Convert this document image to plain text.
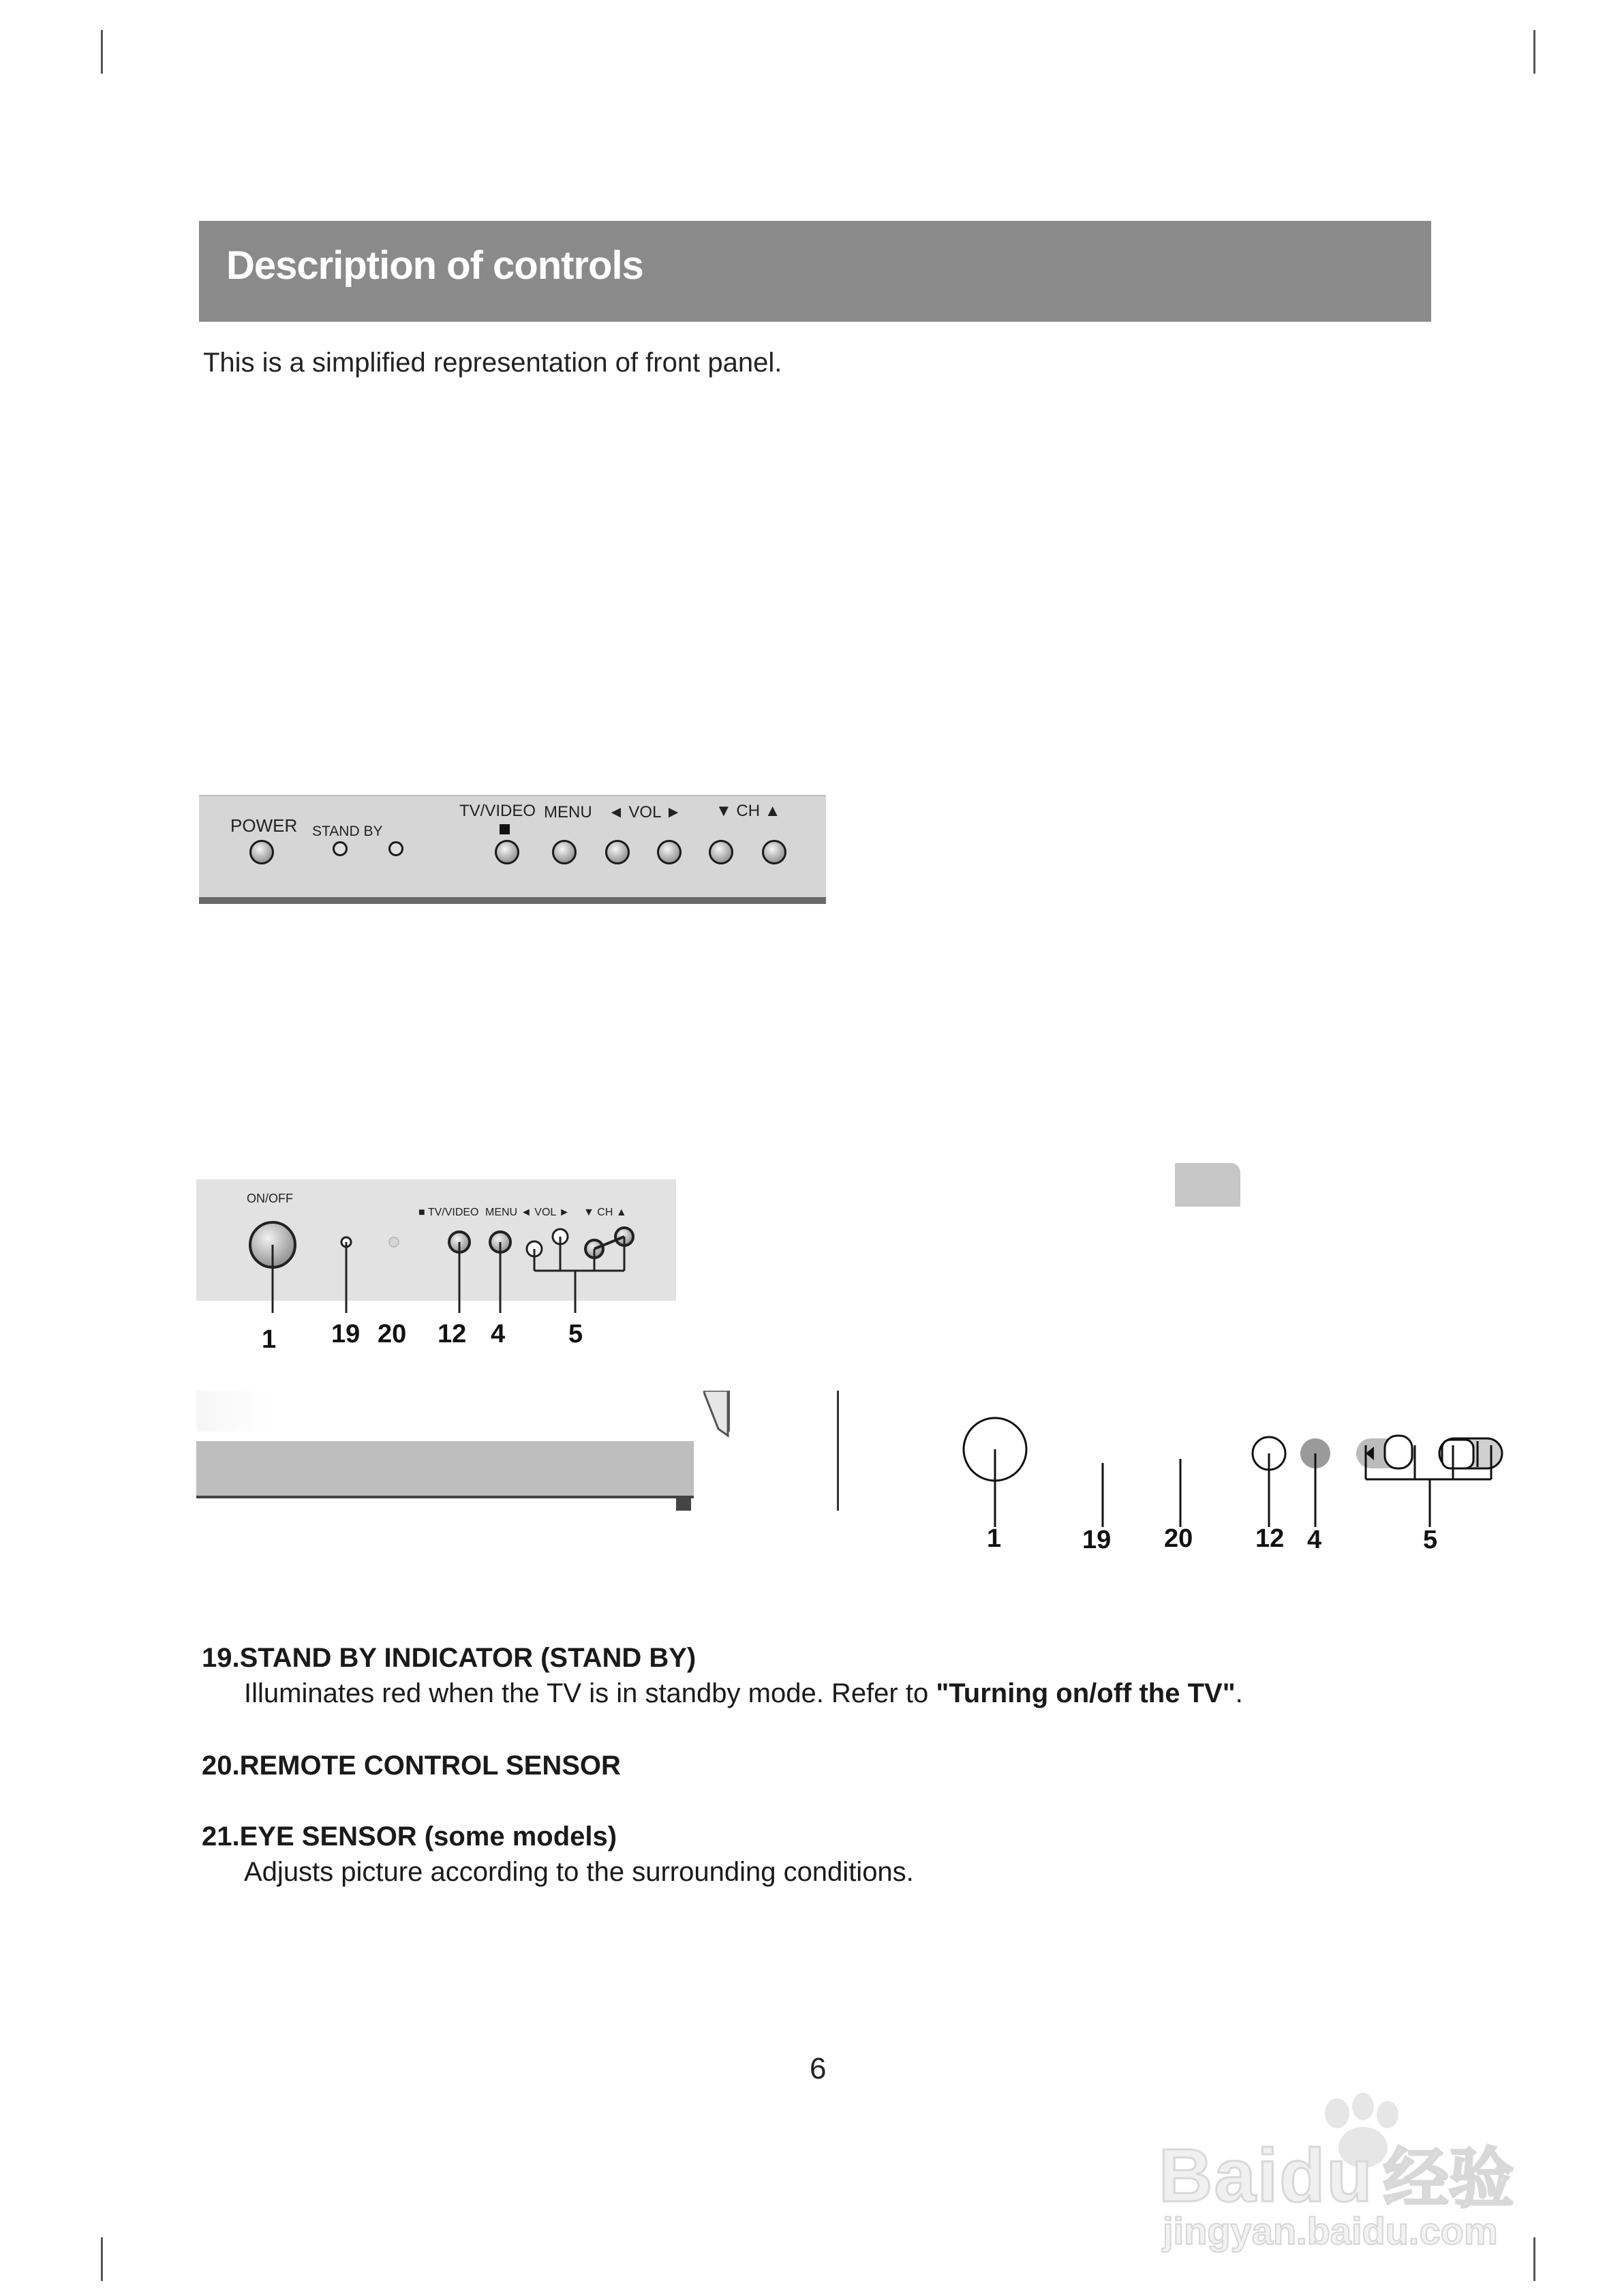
Description of controls
This is a simplified representation of front panel.
POWER STAND BY
TV/VIDEO MENU ◄ VOL ► ▼ CH ▲
ON/OFF
■ TV/VIDEO MENU ◄ VOL ► ▼ CH ▲
1 19 20 12 4 5
1	19 20 12 4	5
19.STAND BY INDICATOR (STAND BY)
Illuminates red when the TV is in standby mode. Refer to "Turning on/off the TV".
20.REMOTE CONTROL SENSOR
21.EYE SENSOR (some models)
Adjusts picture according to the surrounding conditions.
6
Baidu 经验
jingyan.baidu.com
